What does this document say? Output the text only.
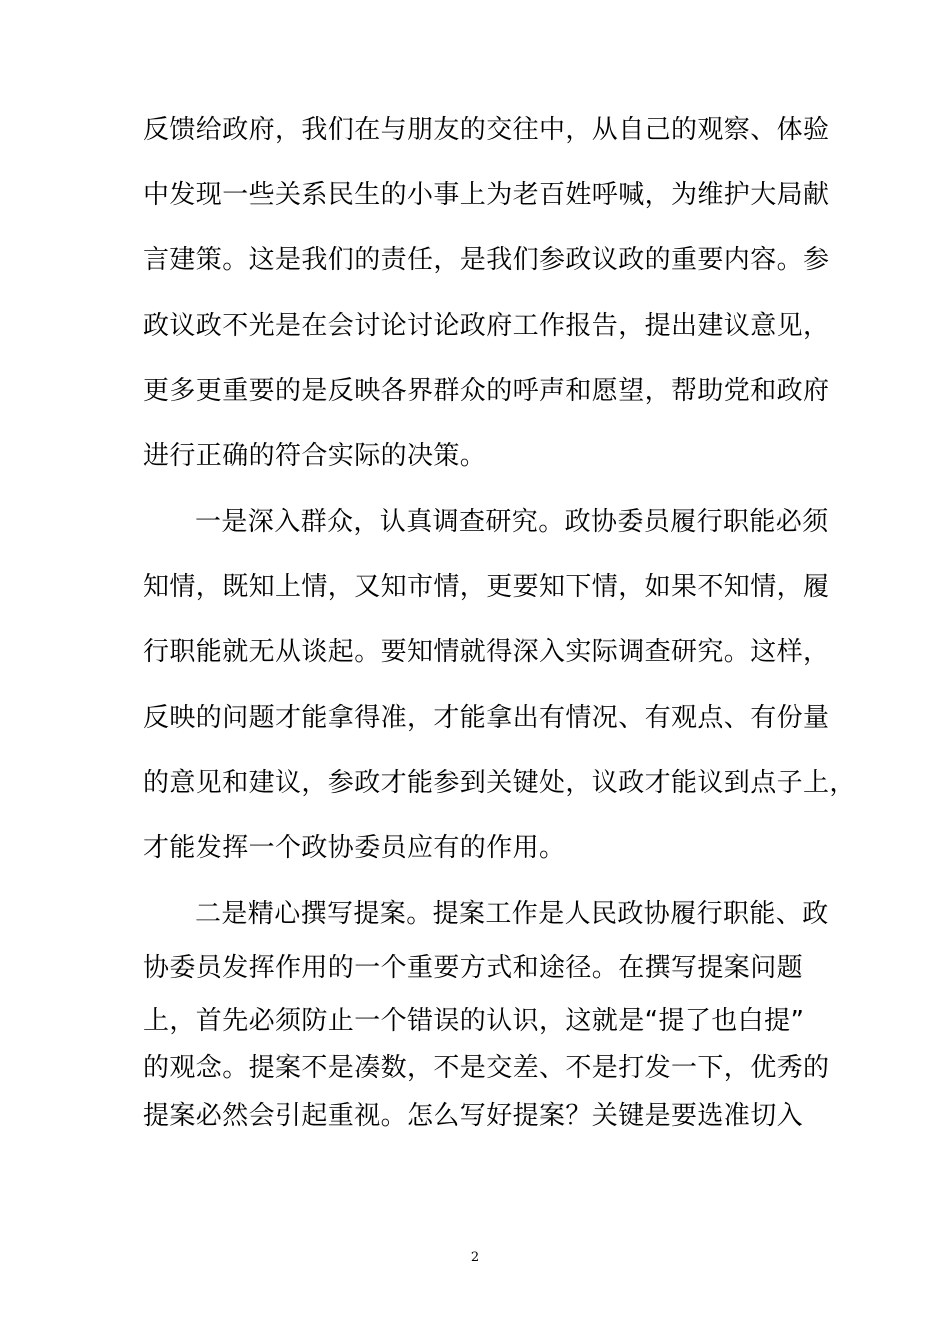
反馈给政府，我们在与朋友的交往中，从自己的观察、体验
中发现一些关系民生的小事上为老百姓呼喊，为维护大局献
言建策。这是我们的责任，是我们参政议政的重要内容。参
政议政不光是在会讨论讨论政府工作报告，提出建议意见，
更多更重要的是反映各界群众的呼声和愿望，帮助党和政府
进行正确的符合实际的决策。
一是深入群众，认真调查研究。政协委员履行职能必须
知情，既知上情，又知市情，更要知下情，如果不知情，履
行职能就无从谈起。要知情就得深入实际调查研究。这样，
反映的问题才能拿得准，才能拿出有情况、有观点、有份量
的意见和建议，参政才能参到关键处，议政才能议到点子上，
才能发挥一个政协委员应有的作用。
二是精心撰写提案。提案工作是人民政协履行职能、政
协委员发挥作用的一个重要方式和途径。在撰写提案问题
上，首先必须防止一个错误的认识，这就是“提了也白提”
的观念。提案不是凑数，不是交差、不是打发一下，优秀的
提案必然会引起重视。怎么写好提案？关键是要选准切入
2
